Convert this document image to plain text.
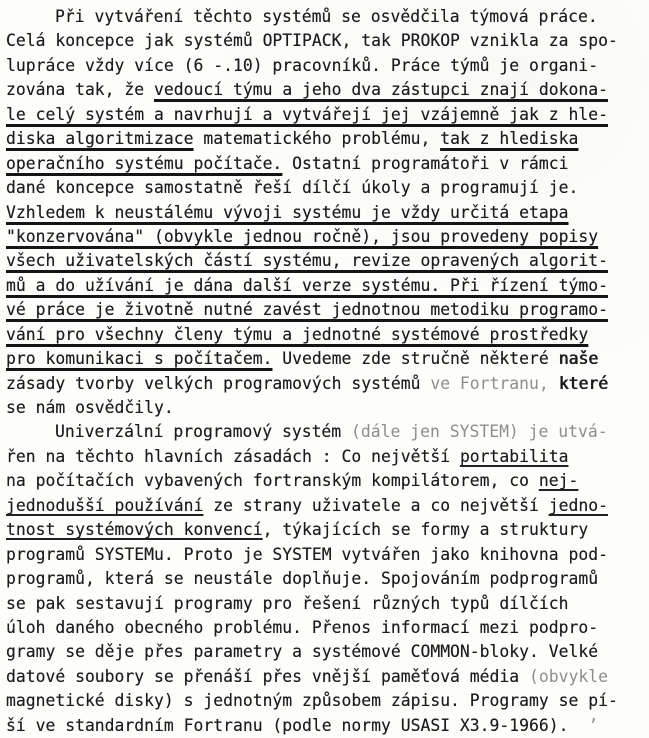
Při vytváření těchto systémů se osvědčila týmová práce.
Celá koncepce jak systémů OPTIPACK, tak PROKOP vznikla za spo-
lupráce vždy více (6 -.10) pracovníků. Práce týmů je organi-
zována tak, že vedoucí týmu a jeho dva zástupci znají dokona-
le celý systém a navrhují a vytvářejí jej vzájemně jak z hle-
diska algoritmizace matematického problému, tak z hlediska
operačního systému počítače. Ostatní programátoři v rámci
dané koncepce samostatně řeší dílčí úkoly a programují je.
Vzhledem k neustálému vývoji systému je vždy určitá etapa
"konzervována" (obvykle jednou ročně), jsou provedeny popisy
všech uživatelských částí systému, revize opravených algorit-
mů a do užívání je dána další verze systému. Při řízení týmo-
vé práce je životně nutné zavést jednotnou metodiku programo-
vání pro všechny členy týmu a jednotné systémové prostředky
pro komunikaci s počítačem. Uvedeme zde stručně některé naše
zásady tvorby velkých programových systémů ve Fortranu, které
se nám osvědčily.
Univerzální programový systém (dále jen SYSTEM) je utvá-
řen na těchto hlavních zásadách : Co největší portabilita
na počítačích vybavených fortranským kompilátorem, co nej-
jednodušší používání ze strany uživatele a co největší jedno-
tnost systémových konvencí, týkajících se formy a struktury
programů SYSTEMu. Proto je SYSTEM vytvářen jako knihovna pod-
programů, která se neustále doplňuje. Spojováním podprogramů
se pak sestavují programy pro řešení různých typů dílčích
úloh daného obecného problému. Přenos informací mezi podpro-
gramy se děje přes parametry a systémové COMMON-bloky. Velké
datové soubory se přenáší přes vnější paměťová média (obvykle
magnetické disky) s jednotným způsobem zápisu. Programy se pí-
ší ve standardním Fortranu (podle normy USASI X3.9-1966).  ʼ
